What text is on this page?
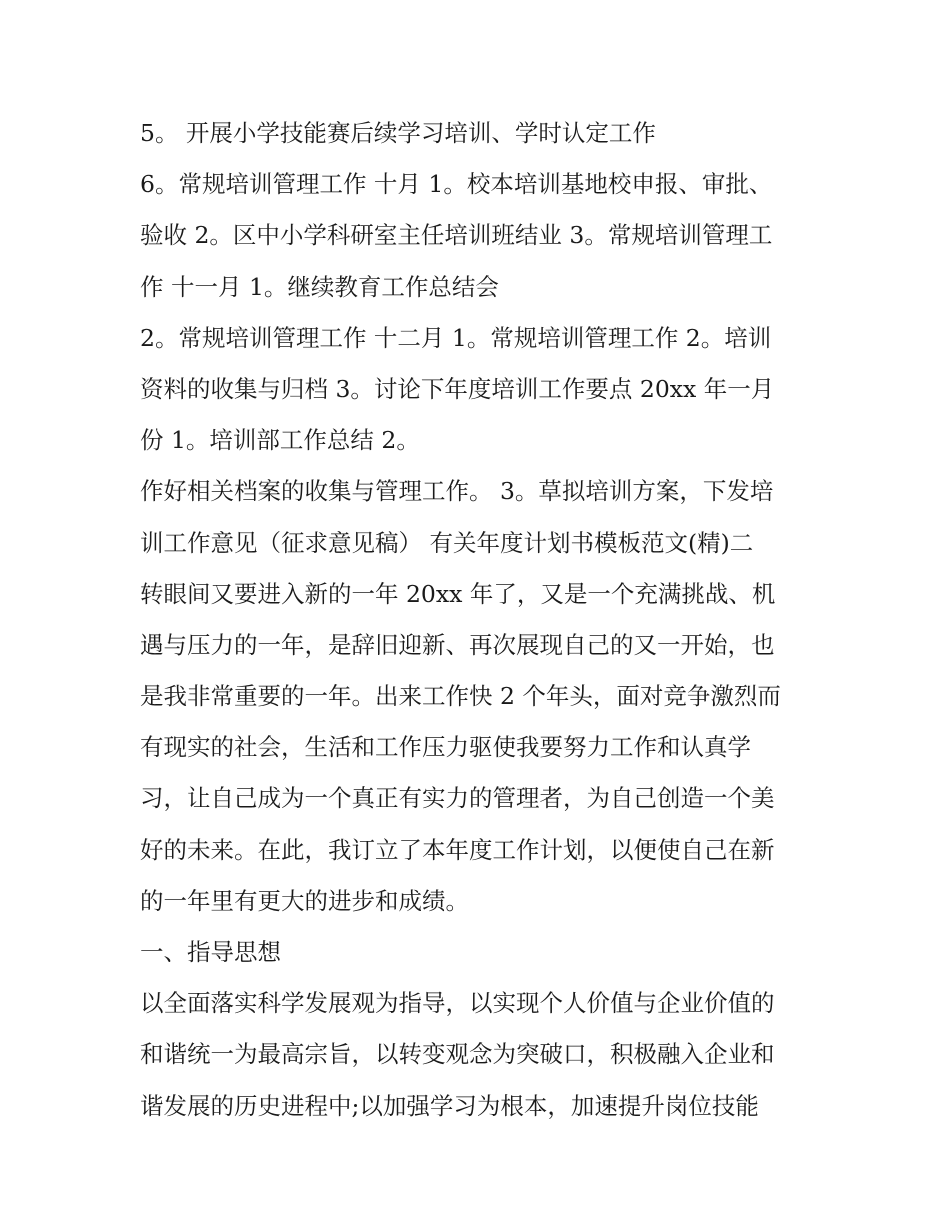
5。 开展小学技能赛后续学习培训、学时认定工作
6。常规培训管理工作 十月 1。校本培训基地校申报、审批、
验收 2。区中小学科研室主任培训班结业 3。常规培训管理工
作 十一月 1。继续教育工作总结会
2。常规培训管理工作 十二月 1。常规培训管理工作 2。培训
资料的收集与归档 3。讨论下年度培训工作要点 20xx 年一月
份 1。培训部工作总结 2。
作好相关档案的收集与管理工作。 3。草拟培训方案，下发培
训工作意见（征求意见稿） 有关年度计划书模板范文(精)二
转眼间又要进入新的一年 20xx 年了，又是一个充满挑战、机
遇与压力的一年，是辞旧迎新、再次展现自己的又一开始，也
是我非常重要的一年。出来工作快 2 个年头，面对竞争激烈而
有现实的社会，生活和工作压力驱使我要努力工作和认真学
习，让自己成为一个真正有实力的管理者，为自己创造一个美
好的未来。在此，我订立了本年度工作计划，以便使自己在新
的一年里有更大的进步和成绩。
一、指导思想
以全面落实科学发展观为指导，以实现个人价值与企业价值的
和谐统一为最高宗旨，以转变观念为突破口，积极融入企业和
谐发展的历史进程中;以加强学习为根本，加速提升岗位技能
